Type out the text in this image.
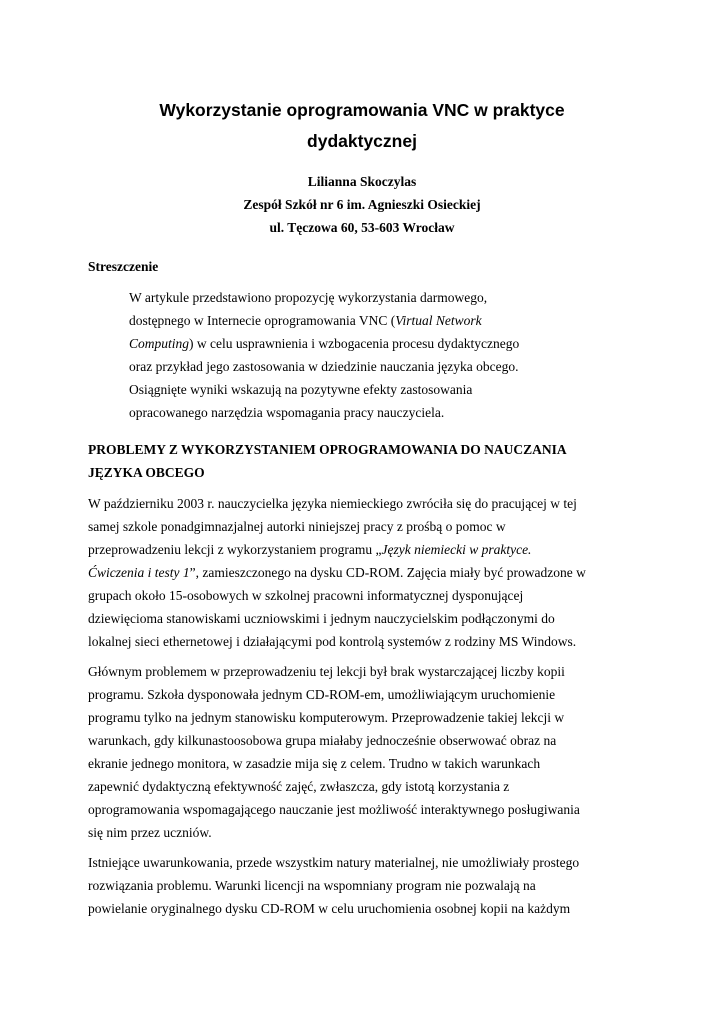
Wykorzystanie oprogramowania VNC w praktyce
dydaktycznej
Lilianna Skoczylas
Zespół Szkół nr 6 im. Agnieszki Osieckiej
ul. Tęczowa 60, 53-603 Wrocław
Streszczenie
W artykule przedstawiono propozycję wykorzystania darmowego,
dostępnego w Internecie oprogramowania VNC (Virtual Network
Computing) w celu usprawnienia i wzbogacenia procesu dydaktycznego
oraz przykład jego zastosowania w dziedzinie nauczania języka obcego.
Osiągnięte wyniki wskazują na pozytywne efekty zastosowania
opracowanego narzędzia wspomagania pracy nauczyciela.
PROBLEMY Z WYKORZYSTANIEM OPROGRAMOWANIA DO NAUCZANIA
JĘZYKA OBCEGO
W październiku 2003 r. nauczycielka języka niemieckiego zwróciła się do pracującej w tej
samej szkole ponadgimnazjalnej autorki niniejszej pracy z prośbą o pomoc w
przeprowadzeniu lekcji z wykorzystaniem programu „Język niemiecki w praktyce.
Ćwiczenia i testy 1”, zamieszczonego na dysku CD-ROM. Zajęcia miały być prowadzone w
grupach około 15-osobowych w szkolnej pracowni informatycznej dysponującej
dziewięcioma stanowiskami uczniowskimi i jednym nauczycielskim podłączonymi do
lokalnej sieci ethernetowej i działającymi pod kontrolą systemów z rodziny MS Windows.
Głównym problemem w przeprowadzeniu tej lekcji był brak wystarczającej liczby kopii
programu. Szkoła dysponowała jednym CD-ROM-em, umożliwiającym uruchomienie
programu tylko na jednym stanowisku komputerowym. Przeprowadzenie takiej lekcji w
warunkach, gdy kilkunastoosobowa grupa miałaby jednocześnie obserwować obraz na
ekranie jednego monitora, w zasadzie mija się z celem. Trudno w takich warunkach
zapewnić dydaktyczną efektywność zajęć, zwłaszcza, gdy istotą korzystania z
oprogramowania wspomagającego nauczanie jest możliwość interaktywnego posługiwania
się nim przez uczniów.
Istniejące uwarunkowania, przede wszystkim natury materialnej, nie umożliwiały prostego
rozwiązania problemu. Warunki licencji na wspomniany program nie pozwalają na
powielanie oryginalnego dysku CD-ROM w celu uruchomienia osobnej kopii na każdym
